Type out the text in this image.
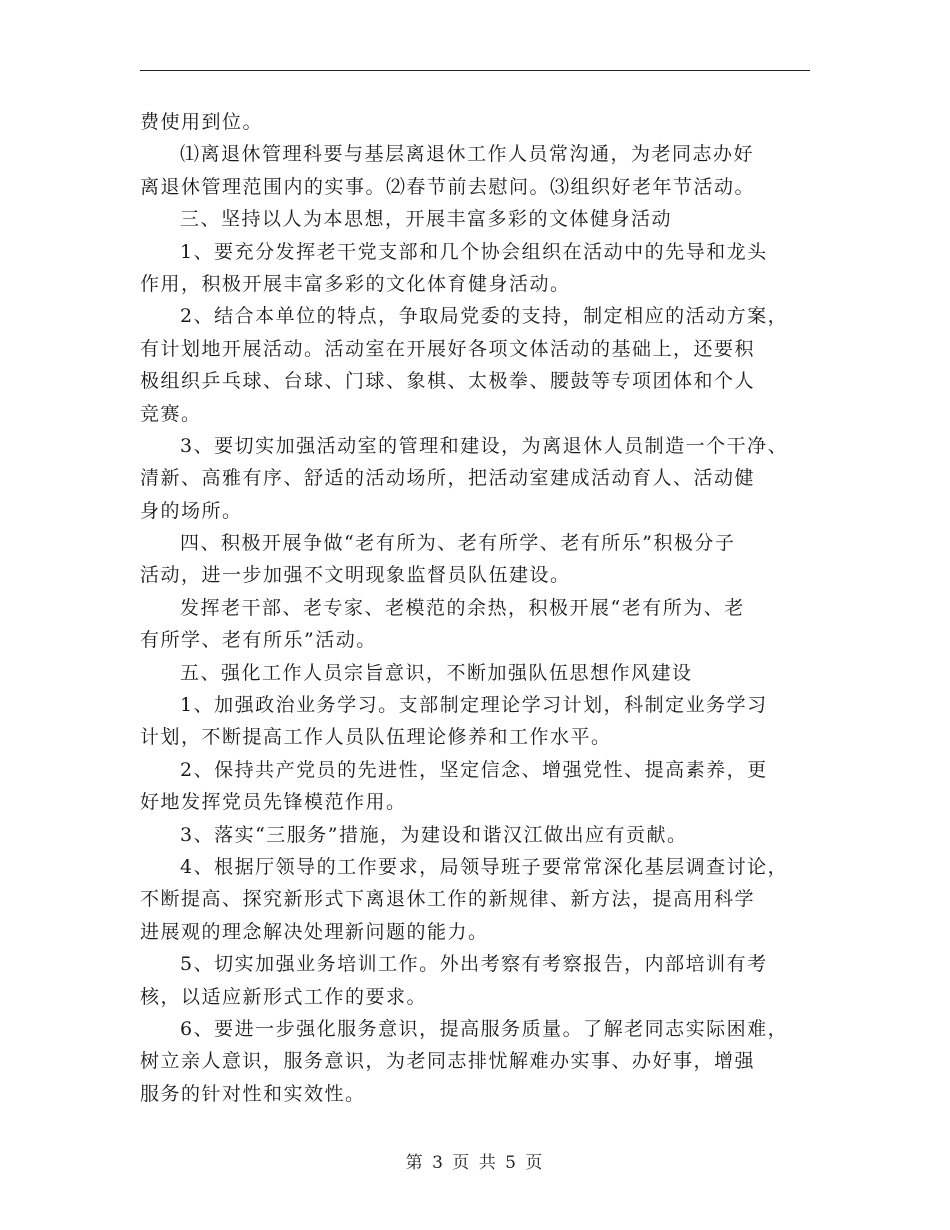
费使用到位。
⑴离退休管理科要与基层离退休工作人员常沟通，为老同志办好
离退休管理范围内的实事。⑵春节前去慰问。⑶组织好老年节活动。
三、坚持以人为本思想，开展丰富多彩的文体健身活动
1、要充分发挥老干党支部和几个协会组织在活动中的先导和龙头
作用，积极开展丰富多彩的文化体育健身活动。
2、结合本单位的特点，争取局党委的支持，制定相应的活动方案，
有计划地开展活动。活动室在开展好各项文体活动的基础上，还要积
极组织乒乓球、台球、门球、象棋、太极拳、腰鼓等专项团体和个人
竞赛。
3、要切实加强活动室的管理和建设，为离退休人员制造一个干净、
清新、高雅有序、舒适的活动场所，把活动室建成活动育人、活动健
身的场所。
四、积极开展争做“老有所为、老有所学、老有所乐”积极分子
活动，进一步加强不文明现象监督员队伍建设。
发挥老干部、老专家、老模范的余热，积极开展“老有所为、老
有所学、老有所乐”活动。
五、强化工作人员宗旨意识，不断加强队伍思想作风建设
1、加强政治业务学习。支部制定理论学习计划，科制定业务学习
计划，不断提高工作人员队伍理论修养和工作水平。
2、保持共产党员的先进性，坚定信念、增强党性、提高素养，更
好地发挥党员先锋模范作用。
3、落实“三服务”措施，为建设和谐汉江做出应有贡献。
4、根据厅领导的工作要求，局领导班子要常常深化基层调查讨论，
不断提高、探究新形式下离退休工作的新规律、新方法，提高用科学
进展观的理念解决处理新问题的能力。
5、切实加强业务培训工作。外出考察有考察报告，内部培训有考
核，以适应新形式工作的要求。
6、要进一步强化服务意识，提高服务质量。了解老同志实际困难，
树立亲人意识，服务意识，为老同志排忧解难办实事、办好事，增强
服务的针对性和实效性。
第 3 页 共 5 页
